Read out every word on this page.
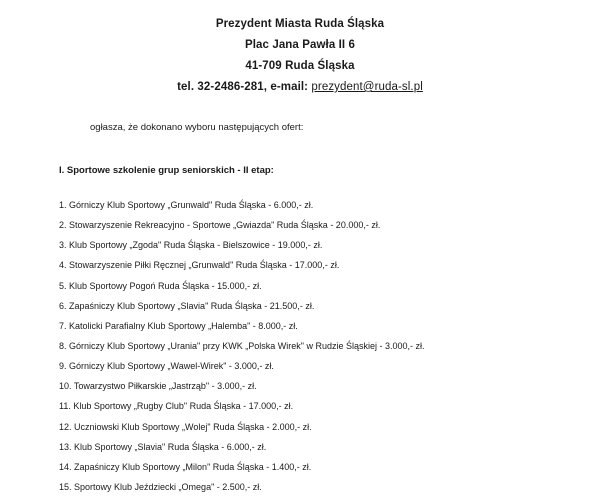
Prezydent Miasta Ruda Śląska
Plac Jana Pawła II 6
41-709 Ruda Śląska
tel. 32-2486-281, e-mail: prezydent@ruda-sl.pl
ogłasza, że dokonano wyboru następujących ofert:
I. Sportowe szkolenie grup seniorskich - II etap:
1. Górniczy Klub Sportowy „Grunwald" Ruda Śląska - 6.000,- zł.
2. Stowarzyszenie Rekreacyjno - Sportowe „Gwiazda" Ruda Śląska - 20.000,- zł.
3. Klub Sportowy „Zgoda" Ruda Śląska - Bielszowice - 19.000,- zł.
4. Stowarzyszenie Piłki Ręcznej „Grunwald" Ruda Śląska - 17.000,- zł.
5. Klub Sportowy Pogoń Ruda Śląska - 15.000,- zł.
6. Zapaśniczy Klub Sportowy „Slavia" Ruda Śląska - 21.500,- zł.
7. Katolicki Parafialny Klub Sportowy „Halemba" - 8.000,- zł.
8. Górniczy Klub Sportowy „Urania" przy KWK „Polska Wirek" w Rudzie Śląskiej - 3.000,- zł.
9. Górniczy Klub Sportowy „Wawel-Wirek" - 3.000,- zł.
10. Towarzystwo Piłkarskie „Jastrząb" - 3.000,- zł.
11. Klub Sportowy „Rugby Club" Ruda Śląska - 17.000,- zł.
12. Uczniowski Klub Sportowy „Wolej" Ruda Śląska - 2.000,- zł.
13. Klub Sportowy „Slavia" Ruda Śląska - 6.000,- zł.
14. Zapaśniczy Klub Sportowy „Milon" Ruda Śląska - 1.400,- zł.
15. Sportowy Klub Jeździecki „Omega" - 2.500,- zł.
